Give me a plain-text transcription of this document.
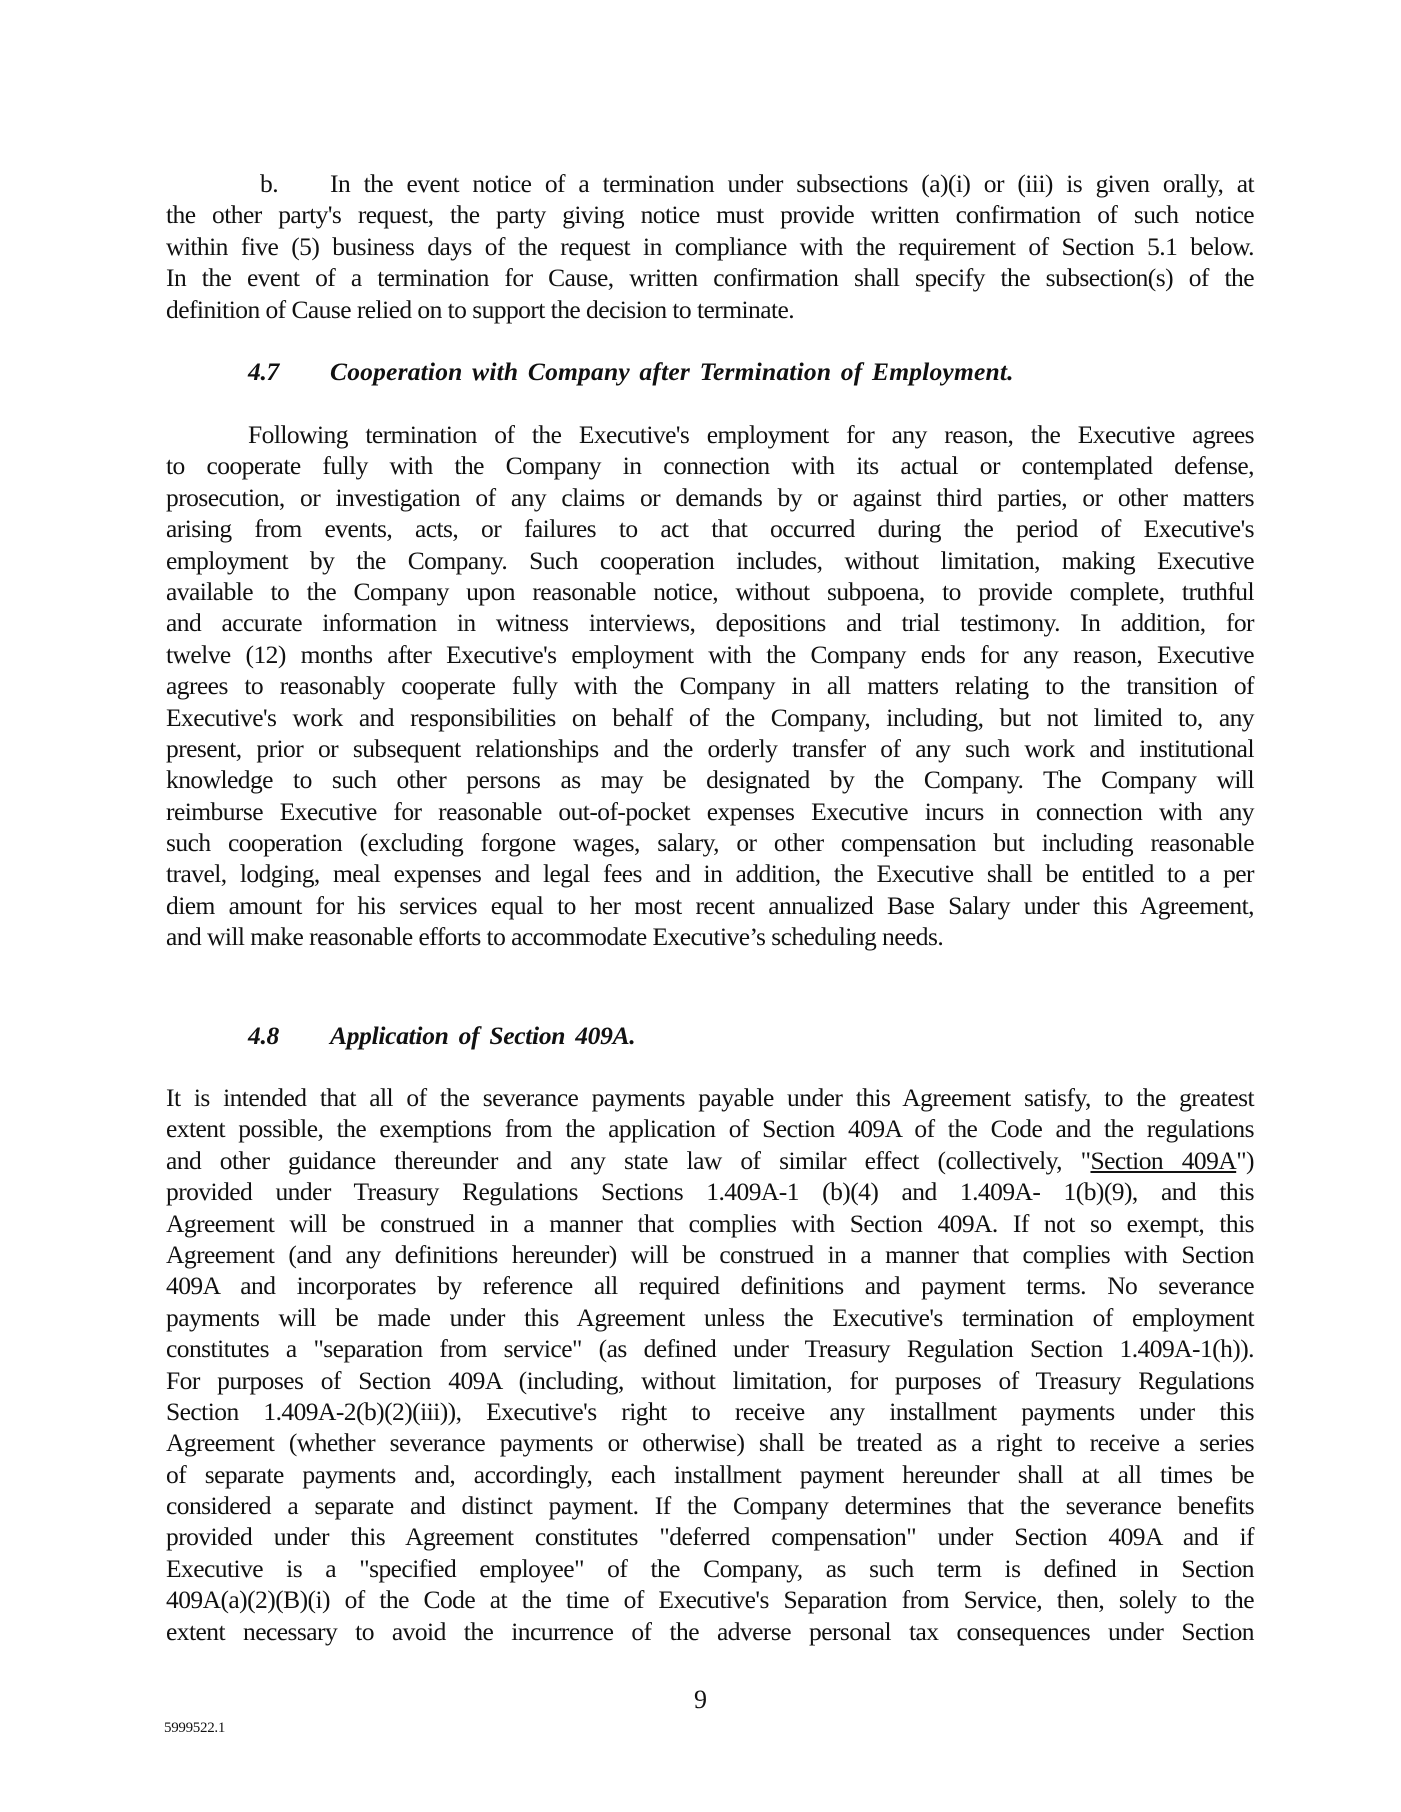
b. In the event notice of a termination under subsections (a)(i) or (iii) is given orally, at
the other party's request, the party giving notice must provide written confirmation of such notice
within five (5) business days of the request in compliance with the requirement of Section 5.1 below.
In the event of a termination for Cause, written confirmation shall specify the subsection(s) of the
definition of Cause relied on to support the decision to terminate.
4.7 Cooperation with Company after Termination of Employment.
Following termination of the Executive's employment for any reason, the Executive agrees
to cooperate fully with the Company in connection with its actual or contemplated defense,
prosecution, or investigation of any claims or demands by or against third parties, or other matters
arising from events, acts, or failures to act that occurred during the period of Executive's
employment by the Company. Such cooperation includes, without limitation, making Executive
available to the Company upon reasonable notice, without subpoena, to provide complete, truthful
and accurate information in witness interviews, depositions and trial testimony. In addition, for
twelve (12) months after Executive's employment with the Company ends for any reason, Executive
agrees to reasonably cooperate fully with the Company in all matters relating to the transition of
Executive's work and responsibilities on behalf of the Company, including, but not limited to, any
present, prior or subsequent relationships and the orderly transfer of any such work and institutional
knowledge to such other persons as may be designated by the Company. The Company will
reimburse Executive for reasonable out-of-pocket expenses Executive incurs in connection with any
such cooperation (excluding forgone wages, salary, or other compensation but including reasonable
travel, lodging, meal expenses and legal fees and in addition, the Executive shall be entitled to a per
diem amount for his services equal to her most recent annualized Base Salary under this Agreement,
and will make reasonable efforts to accommodate Executive’s scheduling needs.
4.8 Application of Section 409A.
It is intended that all of the severance payments payable under this Agreement satisfy, to the greatest
extent possible, the exemptions from the application of Section 409A of the Code and the regulations
and other guidance thereunder and any state law of similar effect (collectively, "Section 409A")
provided under Treasury Regulations Sections 1.409A-1 (b)(4) and 1.409A- 1(b)(9), and this
Agreement will be construed in a manner that complies with Section 409A. If not so exempt, this
Agreement (and any definitions hereunder) will be construed in a manner that complies with Section
409A and incorporates by reference all required definitions and payment terms. No severance
payments will be made under this Agreement unless the Executive's termination of employment
constitutes a "separation from service" (as defined under Treasury Regulation Section 1.409A-1(h)).
For purposes of Section 409A (including, without limitation, for purposes of Treasury Regulations
Section 1.409A-2(b)(2)(iii)), Executive's right to receive any installment payments under this
Agreement (whether severance payments or otherwise) shall be treated as a right to receive a series
of separate payments and, accordingly, each installment payment hereunder shall at all times be
considered a separate and distinct payment. If the Company determines that the severance benefits
provided under this Agreement constitutes "deferred compensation" under Section 409A and if
Executive is a "specified employee" of the Company, as such term is defined in Section
409A(a)(2)(B)(i) of the Code at the time of Executive's Separation from Service, then, solely to the
extent necessary to avoid the incurrence of the adverse personal tax consequences under Section
9
5999522.1
